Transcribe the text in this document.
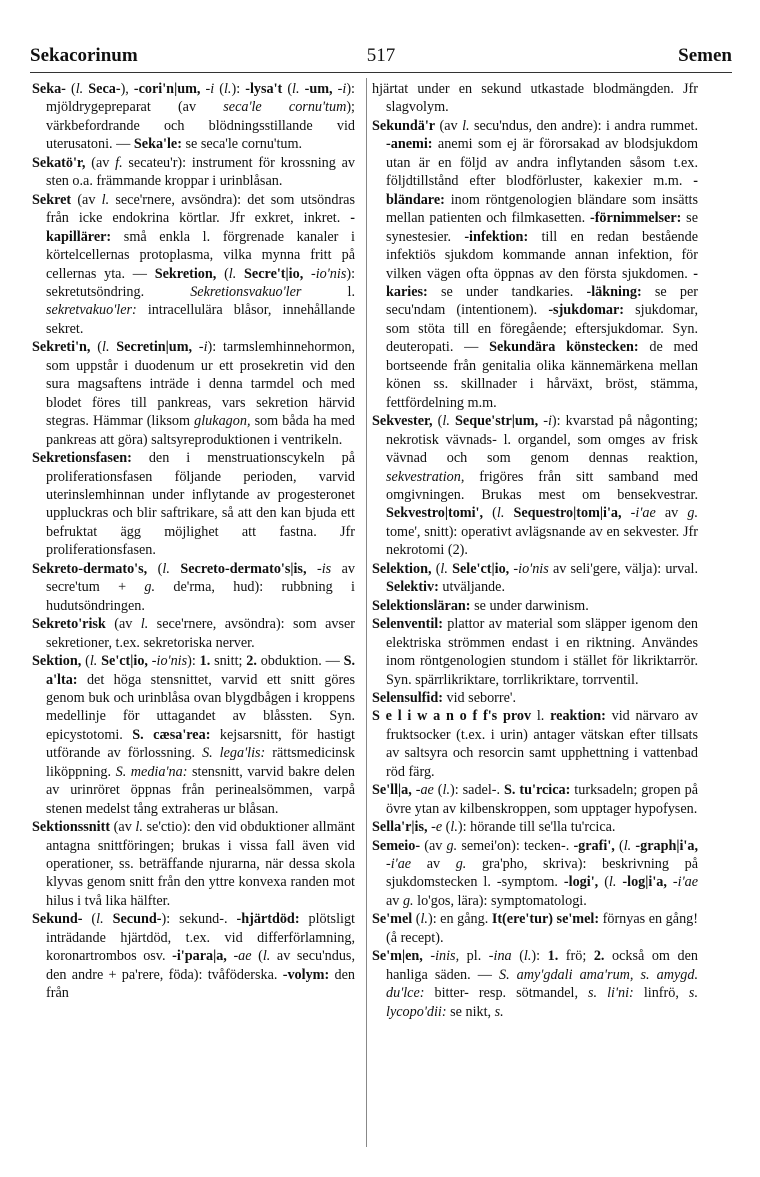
Sekacorinum	517	Semen

Seka- (l. Seca-), -cori'n|um, -i (l.): -lysa't (l. -um, -i): mjöldrygepreparat (av seca'le cornu'tum); värkbefordrande och blödningsstillande vid uterusatoni. — Seka'le: se seca'le cornu'tum.

Sekatö'r, (av f. secateu'r): instrument för krossning av sten o.a. främmande kroppar i urinblåsan.

Sekret (av l. sece'rnere, avsöndra): det som utsöndras från icke endokrina körtlar. Jfr exkret, inkret. -kapillärer: små enkla l. förgrenade kanaler i körtelcellernas protoplasma, vilka mynna fritt på cellernas yta. — Sekretion, (l. Secre't|io, -io'nis): sekretutsöndring. Sekretionsvakuo'ler l. sekretvakuo'ler: intracellulära blåsor, innehållande sekret.

Sekreti'n, (l. Secretin|um, -i): tarmslemhinnehormon, som uppstår i duodenum ur ett prosekretin vid den sura magsaftens inträde i denna tarmdel och med blodet föres till pankreas, vars sekretion härvid stegras. Hämmar (liksom glukagon, som båda ha med pankreas att göra) saltsyreproduktionen i ventrikeln.

Sekretionsfasen: den i menstruationscykeln på proliferationsfasen följande perioden, varvid uterinslemhinnan under inflytande av progesteronet uppluckras och blir saftrikare, så att den kan bjuda ett befruktat ägg möjlighet att fastna. Jfr proliferationsfasen.

Sekreto-dermato's, (l. Secreto-dermato's|is, -is av secre'tum + g. de'rma, hud): rubbning i hudutsöndringen.

Sekreto'risk (av l. sece'rnere, avsöndra): som avser sekretioner, t.ex. sekretoriska nerver.

Sektion, (l. Se'ct|io, -io'nis): 1. snitt; 2. obduktion. — S. a'lta: det höga stensnittet, varvid ett snitt göres genom buk och urinblåsa ovan blygdbågen i kroppens medellinje för uttagandet av blåssten. Syn. epicystotomi. S. cæsa'rea: kejsarsnitt, för hastigt utförande av förlossning. S. lega'lis: rättsmedicinsk liköppning. S. media'na: stensnitt, varvid bakre delen av urinröret öppnas från perinealsömmen, varpå stenen medelst tång extraheras ur blåsan.

Sektionssnitt (av l. se'ctio): den vid obduktioner allmänt antagna snittföringen; brukas i vissa fall även vid operationer, ss. beträffande njurarna, när dessa skola klyvas genom snitt från den yttre konvexa randen mot hilus i två lika hälfter.

Sekund- (l. Secund-): sekund-. -hjärtdöd: plötsligt inträdande hjärtdöd, t.ex. vid differförlamning, koronartrombos osv. -i'para|a, -ae (l. av secu'ndus, den andre + pa'rere, föda): tvåföderska. -volym: den från

hjärtat under en sekund utkastade blodmängden. Jfr slagvolym.

Sekundä'r (av l. secu'ndus, den andre): i andra rummet. -anemi: anemi som ej är förorsakad av blodsjukdom utan är en följd av andra inflytanden såsom t.ex. följdtillstånd efter blodförluster, kakexier m.m. -bländare: inom röntgenologien bländare som insätts mellan patienten och filmkasetten. -förnimmelser: se synestesier. -infektion: till en redan bestående infektiös sjukdom kommande annan infektion, för vilken vägen ofta öppnas av den första sjukdomen. -karies: se under tandkaries. -läkning: se per secu'ndam (intentionem). -sjukdomar: sjukdomar, som stöta till en föregående; eftersjukdomar. Syn. deuteropati. — Sekundära könstecken: de med bortseende från genitalia olika kännemärkena mellan könen ss. skillnader i hårväxt, bröst, stämma, fettfördelning m.m.

Sekvester, (l. Seque'str|um, -i): kvarstad på någonting; nekrotisk vävnads- l. organdel, som omges av frisk vävnad och som genom dennas reaktion, sekvestration, frigöres från sitt samband med omgivningen. Brukas mest om bensekvestrar. Sekvestro|tomi', (l. Sequestro|tom|i'a, -i'ae av g. tome', snitt): operativt avlägsnande av en sekvester. Jfr nekrotomi (2).

Selektion, (l. Sele'ct|io, -io'nis av seli'gere, välja): urval. Selektiv: utväljande.

Selektionsläran: se under darwinism.

Selenventil: plattor av material som släpper igenom den elektriska strömmen endast i en riktning. Användes inom röntgenologien stundom i stället för likriktarrör. Syn. spärrlikriktare, torrlikriktare, torrventil.

Selensulfid: vid seborre'.

S e l i w a n o f f's prov l. reaktion: vid närvaro av fruktsocker (t.ex. i urin) antager vätskan efter tillsats av saltsyra och resorcin samt upphettning i vattenbad röd färg.

Se'll|a, -ae (l.): sadel-. S. tu'rcica: turksadeln; gropen på övre ytan av kilbenskroppen, som upptager hypofysen.

Sella'r|is, -e (l.): hörande till se'lla tu'rcica.

Semeio- (av g. semei'on): tecken-. -grafi', (l. -graph|i'a, -i'ae av g. gra'pho, skriva): beskrivning på sjukdomstecken l. -symptom. -logi', (l. -log|i'a, -i'ae av g. lo'gos, lära): symptomatologi.

Se'mel (l.): en gång. It(ere'tur) se'mel: förnyas en gång! (å recept).

Se'm|en, -inis, pl. -ina (l.): 1. frö; 2. också om den hanliga säden. — S. amy'gdali ama'rum, s. amygd. du'lce: bitter- resp. sötmandel, s. li'ni: linfrö, s. lycopo'dii: se nikt, s.
